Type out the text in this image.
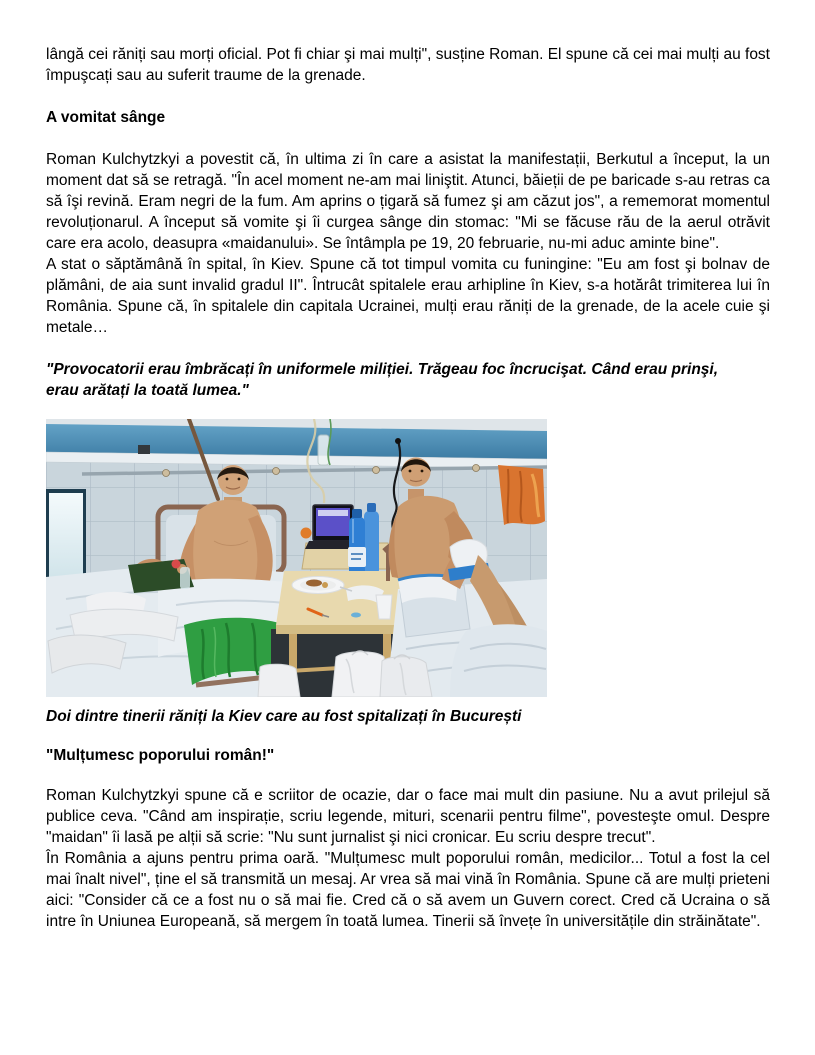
lângă cei răniți sau morți oficial. Pot fi chiar şi mai mulți", susține Roman. El spune că cei mai mulți au fost împuşcați sau au suferit traume de la grenade.

A vomitat sânge

Roman Kulchytzkyi a povestit că, în ultima zi în care a asistat la manifestații, Berkutul a început, la un moment dat să se retragă. "În acel moment ne-am mai liniştit. Atunci, băieții de pe baricade s-au retras ca să îşi revină. Eram negri de la fum. Am aprins o țigară să fumez şi am căzut jos", a rememorat momentul revoluționarul. A început să vomite şi îi curgea sânge din stomac: "Mi se făcuse rău de la aerul otrăvit care era acolo, deasupra «maidanului». Se întâmpla pe 19, 20 februarie, nu-mi aduc aminte bine".

A stat o săptămână în spital, în Kiev. Spune că tot timpul vomita cu funingine: "Eu am fost şi bolnav de plămâni, de aia sunt invalid gradul II". Întrucât spitalele erau arhipline în Kiev, s-a hotărât trimiterea lui în România. Spune că, în spitalele din capitala Ucrainei, mulți erau răniți de la grenade, de la acele cuie şi metale…

"Provocatorii erau îmbrăcați în uniformele miliției. Trăgeau foc încrucişat. Când erau prinşi, erau arătați la toată lumea."

Doi dintre tinerii răniți la Kiev care au fost spitalizați în București
"Mulțumesc poporului român!"

Roman Kulchytzkyi spune că e scriitor de ocazie, dar o face mai mult din pasiune. Nu a avut prilejul să publice ceva. "Când am inspirație, scriu legende, mituri, scenarii pentru filme", povesteşte omul. Despre "maidan" îi lasă pe alții să scrie: "Nu sunt jurnalist şi nici cronicar. Eu scriu despre trecut".

În România a ajuns pentru prima oară. "Mulțumesc mult poporului român, medicilor... Totul a fost la cel mai înalt nivel", ține el să transmită un mesaj. Ar vrea să mai vină în România. Spune că are mulți prieteni aici: "Consider că ce a fost nu o să mai fie. Cred că o să avem un Guvern corect. Cred că Ucraina o să intre în Uniunea Europeană, să mergem în toată lumea. Tinerii să învețe în universitățile din străinătate".
